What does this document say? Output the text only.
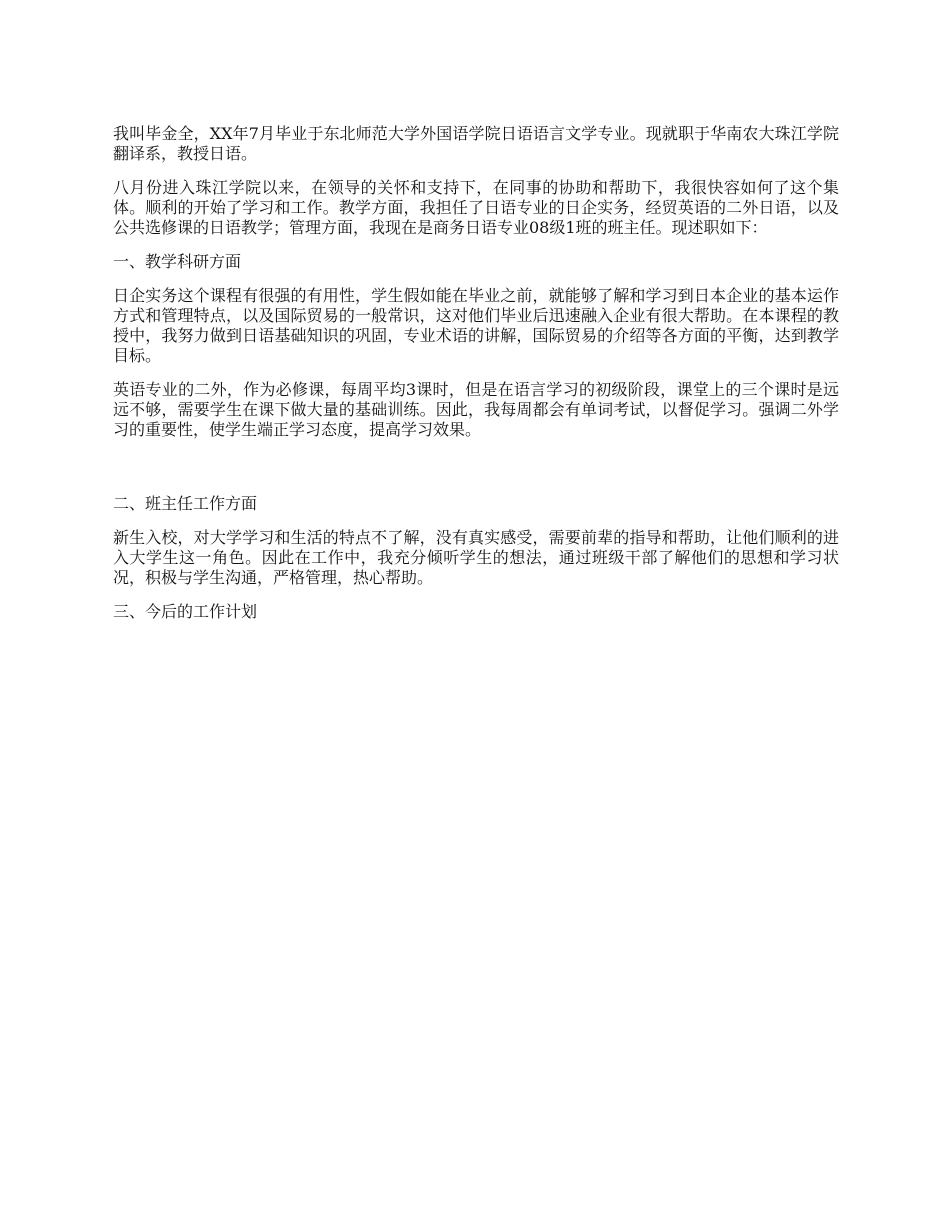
我叫毕金全，XX年7月毕业于东北师范大学外国语学院日语语言文学专业。现就职于华南农大珠江学院翻译系，教授日语。

八月份进入珠江学院以来，在领导的关怀和支持下，在同事的协助和帮助下，我很快容如何了这个集体。顺利的开始了学习和工作。教学方面，我担任了日语专业的日企实务，经贸英语的二外日语，以及公共选修课的日语教学；管理方面，我现在是商务日语专业08级1班的班主任。现述职如下：

一、教学科研方面

日企实务这个课程有很强的有用性，学生假如能在毕业之前，就能够了解和学习到日本企业的基本运作方式和管理特点，以及国际贸易的一般常识，这对他们毕业后迅速融入企业有很大帮助。在本课程的教授中，我努力做到日语基础知识的巩固，专业术语的讲解，国际贸易的介绍等各方面的平衡，达到教学目标。

英语专业的二外，作为必修课，每周平均3课时，但是在语言学习的初级阶段，课堂上的三个课时是远远不够，需要学生在课下做大量的基础训练。因此，我每周都会有单词考试，以督促学习。强调二外学习的重要性，使学生端正学习态度，提高学习效果。

二、班主任工作方面

新生入校，对大学学习和生活的特点不了解，没有真实感受，需要前辈的指导和帮助，让他们顺利的进入大学生这一角色。因此在工作中，我充分倾听学生的想法，通过班级干部了解他们的思想和学习状况，积极与学生沟通，严格管理，热心帮助。

三、今后的工作计划
